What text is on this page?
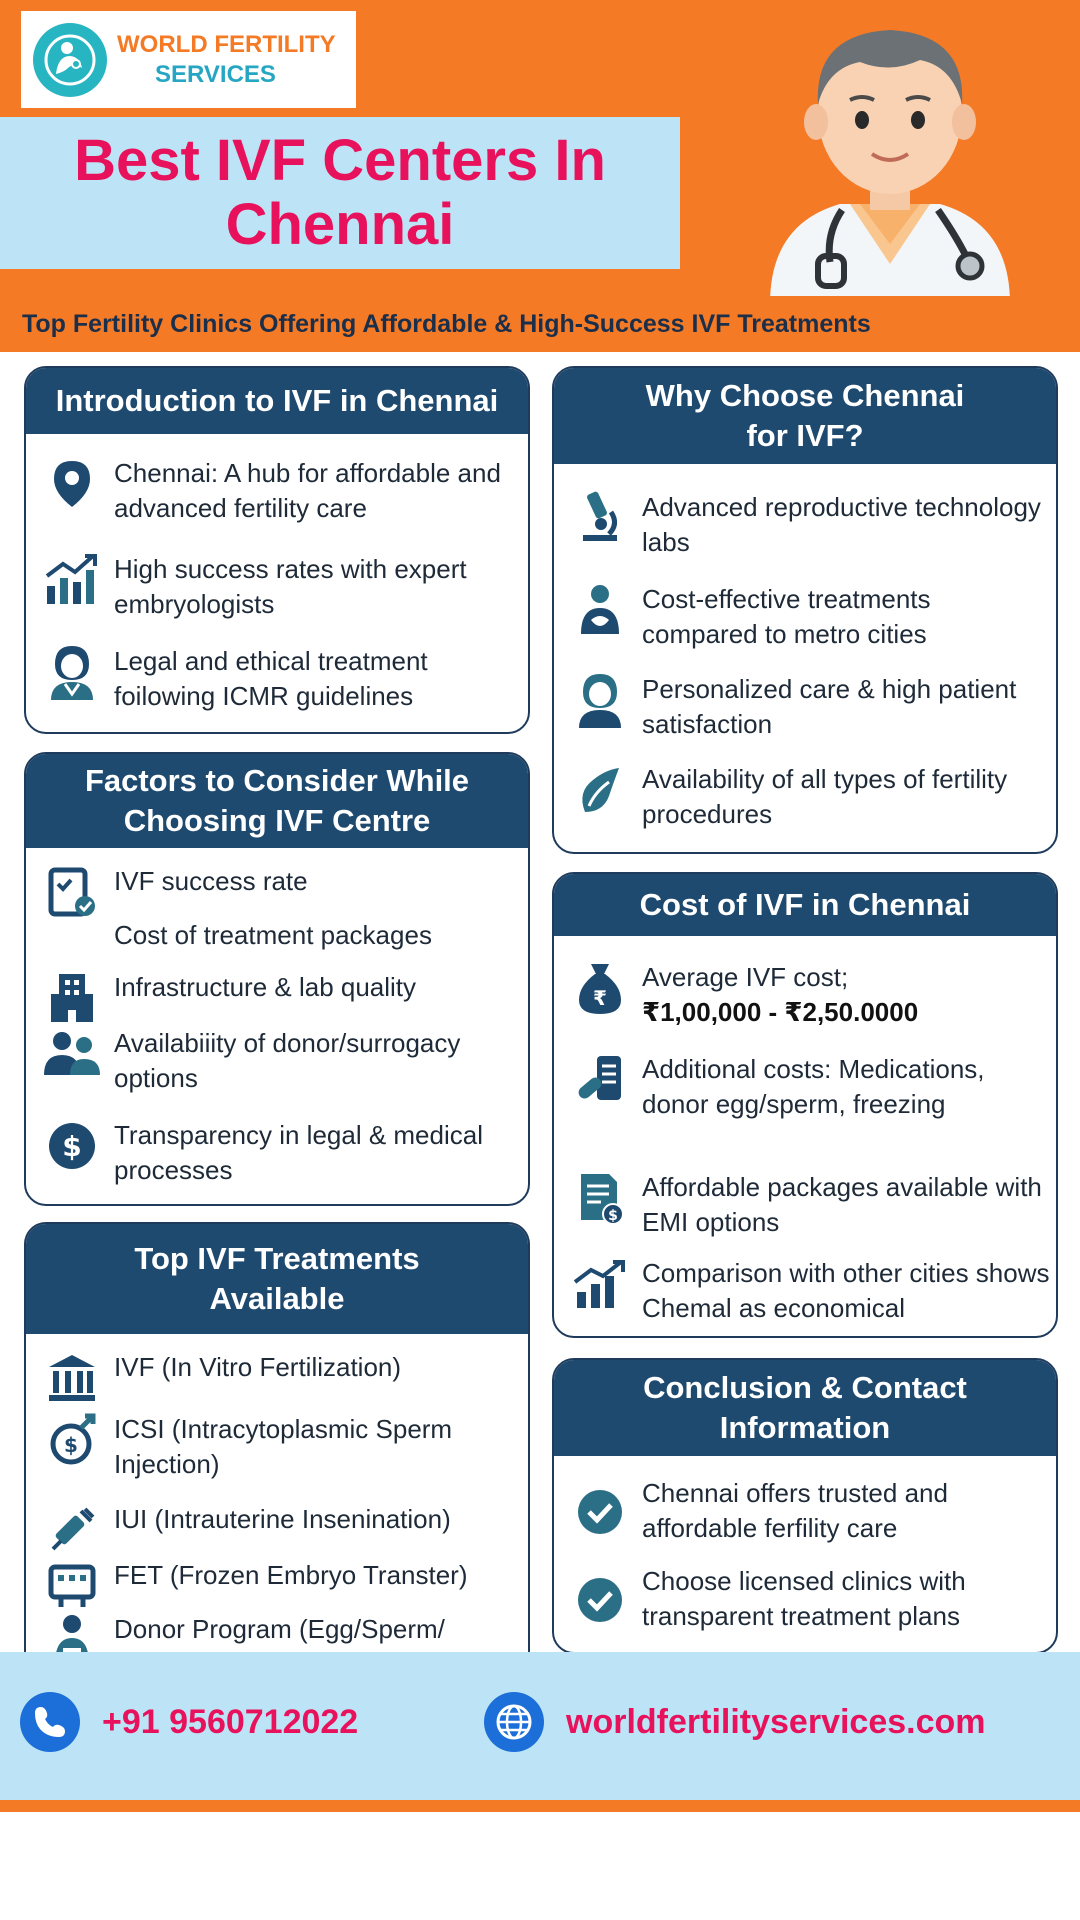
WORLD FERTILITY
SERVICES
Best IVF Centers In Chennai
Top Fertility Clinics Offering Affordable & High-Success IVF Treatments
Introduction to IVF in Chennai
Chennai: A hub for affordable and advanced fertility care
High success rates with expert embryologists
Legal and ethical treatment foilowing ICMR guidelines
Why Choose Chennai for IVF?
Advanced reproductive technology labs
Cost-effective treatments compared to metro cities
Personalized care & high patient satisfaction
Availability of all types of fertility procedures
Factors to Consider While Choosing IVF Centre
IVF success rate
Cost of treatment packages
Infrastructure & lab quality
Availabiiity of donor/surrogacy options
$ Transparency in legal & medical processes
Cost of IVF in Chennai
₹
Average IVF cost;
₹1,00,000 - ₹2,50.0000
Additional costs: Medications, donor egg/sperm, freezing
$
Affordable packages available with EMI options
Comparison with other cities shows Chemal as economical
Top IVF Treatments Available
IVF (In Vitro Fertilization)
$
ICSI (Intracytoplasmic Sperm Injection)
IUI (Intrauterine Insenination)
FET (Frozen Embryo Transter)
Donor Program (Egg/Sperm/
Conclusion & Contact Information
Chennai offers trusted and affordable ferfility care
Choose licensed clinics with transparent treatment plans
+91 9560712022	worldfertilityservices.com
